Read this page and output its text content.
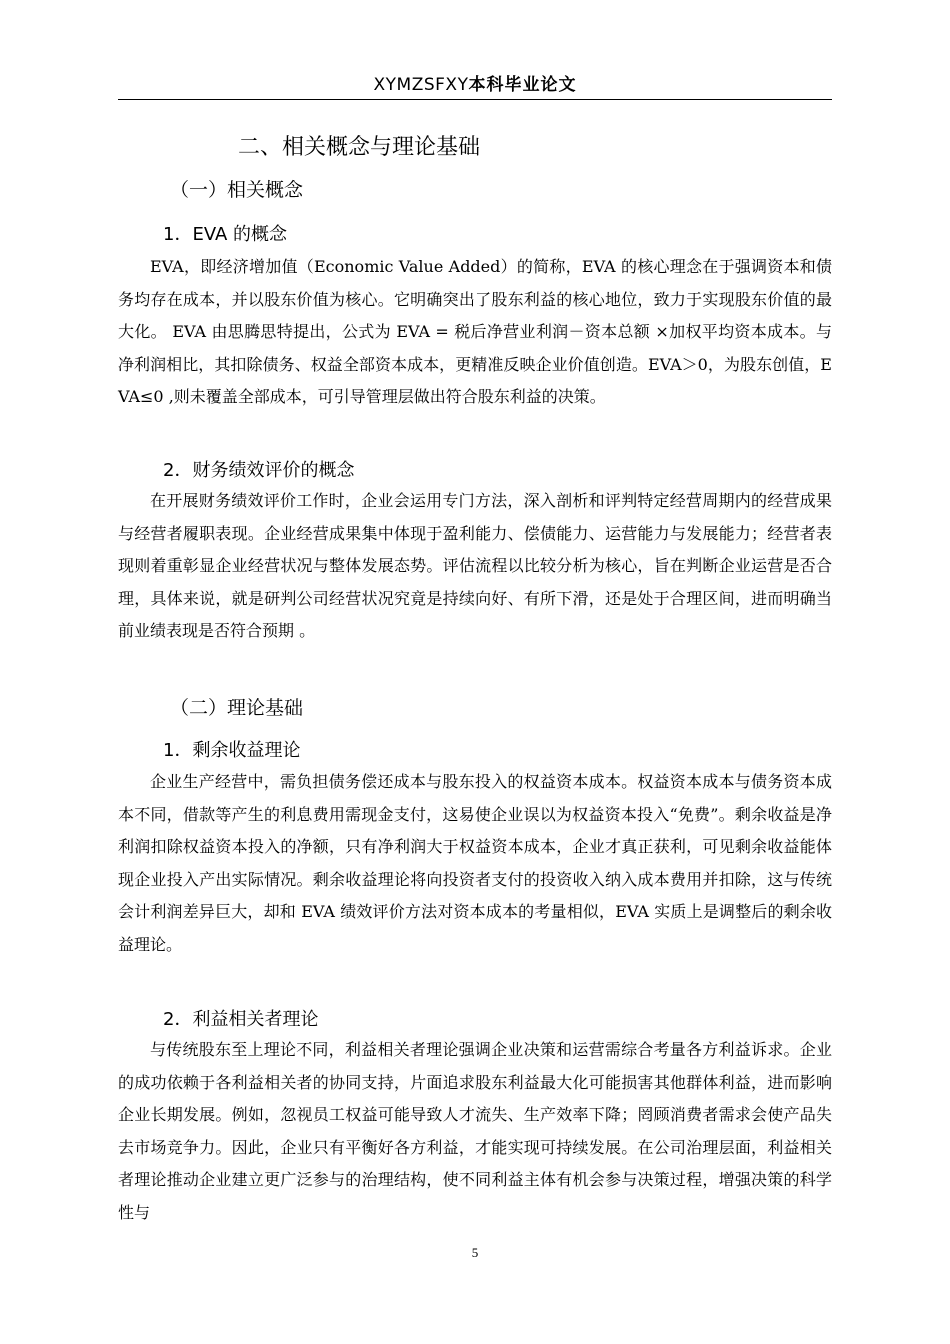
XYMZSFXY本科毕业论文
二、相关概念与理论基础
（一）相关概念
1．EVA 的概念

EVA，即经济增加值（Economic Value Added）的简称，EVA 的核心理念在于强调资本和债务均存在成本，并以股东价值为核心。它明确突出了股东利益的核心地位，致力于实现股东价值的最大化。 EVA 由思腾思特提出，公式为 EVA = 税后净营业利润－资本总额 ×加权平均资本成本。与净利润相比，其扣除债务、权益全部资本成本，更精准反映企业价值创造。EVA＞0，为股东创值，EVA≤0 ,则未覆盖全部成本，可引导管理层做出符合股东利益的决策。

2．财务绩效评价的概念

在开展财务绩效评价工作时，企业会运用专门方法，深入剖析和评判特定经营周期内的经营成果与经营者履职表现。企业经营成果集中体现于盈利能力、偿债能力、运营能力与发展能力；经营者表现则着重彰显企业经营状况与整体发展态势。评估流程以比较分析为核心，旨在判断企业运营是否合理，具体来说，就是研判公司经营状况究竟是持续向好、有所下滑，还是处于合理区间，进而明确当前业绩表现是否符合预期 。

（二）理论基础
1．剩余收益理论

企业生产经营中，需负担债务偿还成本与股东投入的权益资本成本。权益资本成本与债务资本成本不同，借款等产生的利息费用需现金支付，这易使企业误以为权益资本投入“免费”。剩余收益是净利润扣除权益资本投入的净额，只有净利润大于权益资本成本，企业才真正获利，可见剩余收益能体现企业投入产出实际情况。剩余收益理论将向投资者支付的投资收入纳入成本费用并扣除，这与传统会计利润差异巨大，却和 EVA 绩效评价方法对资本成本的考量相似，EVA 实质上是调整后的剩余收益理论。

2．利益相关者理论

与传统股东至上理论不同，利益相关者理论强调企业决策和运营需综合考量各方利益诉求。企业的成功依赖于各利益相关者的协同支持，片面追求股东利益最大化可能损害其他群体利益，进而影响企业长期发展。例如，忽视员工权益可能导致人才流失、生产效率下降；罔顾消费者需求会使产品失去市场竞争力。因此，企业只有平衡好各方利益，才能实现可持续发展。在公司治理层面，利益相关者理论推动企业建立更广泛参与的治理结构，使不同利益主体有机会参与决策过程，增强决策的科学性与

5
